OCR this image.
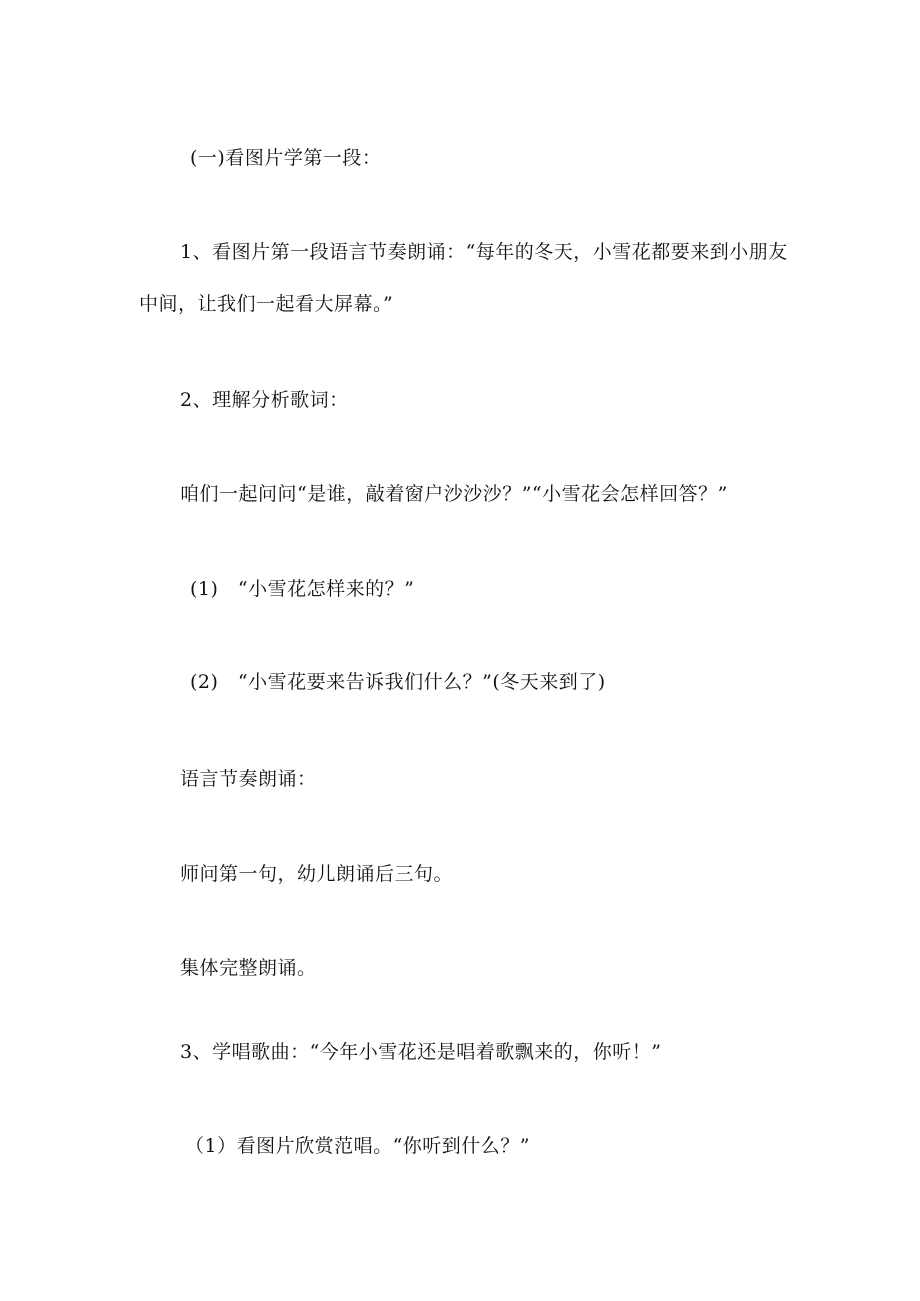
(一)看图片学第一段：
1、看图片第一段语言节奏朗诵：“每年的冬天，小雪花都要来到小朋友
中间，让我们一起看大屏幕。”
2、理解分析歌词：
咱们一起问问“是谁，敲着窗户沙沙沙？”“小雪花会怎样回答？”
(1)　“小雪花怎样来的？”
(2)　“小雪花要来告诉我们什么？”(冬天来到了)
语言节奏朗诵：
师问第一句，幼儿朗诵后三句。
集体完整朗诵。
3、学唱歌曲：“今年小雪花还是唱着歌飘来的，你听！”
（1）看图片欣赏范唱。“你听到什么？”
